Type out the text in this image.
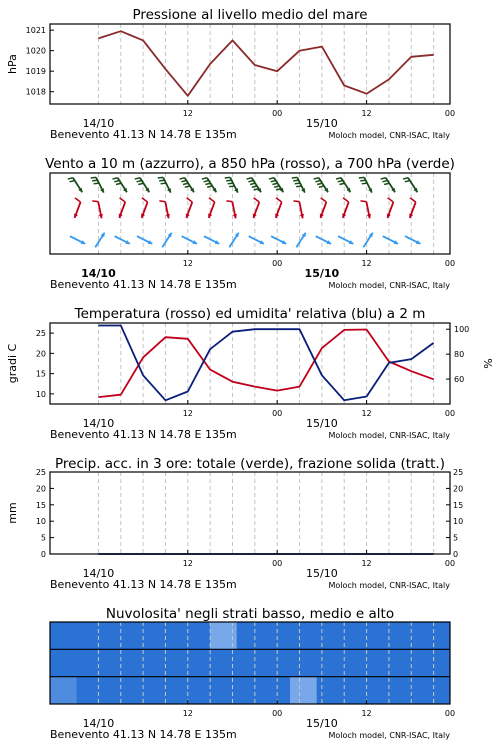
Pressione al livello medio del mare
1018
1019
1020
1021
hPa
12	00	12	00
14/10	15/10
Benevento 41.13 N 14.78 E 135m	Moloch model, CNR-ISAC, Italy
Vento a 10 m (azzurro), a 850 hPa (rosso), a 700 hPa (verde)
12	00	12	00
14/10	15/10
Benevento 41.13 N 14.78 E 135m	Moloch model, CNR-ISAC, Italy
Temperatura (rosso) ed umidita' relativa (blu) a 2 m
10
15
20
25
60
80
100
%
gradi C
12	00	12	00
14/10	15/10
Benevento 41.13 N 14.78 E 135m	Moloch model, CNR-ISAC, Italy
Precip. acc. in 3 ore: totale (verde), frazione solida (tratt.)
0
5
10
15
20
25
0
5
10
15
20
25
mm
12	00	12	00
14/10	15/10
Benevento 41.13 N 14.78 E 135m	Moloch model, CNR-ISAC, Italy
Nuvolosita' negli strati basso, medio e alto
12	00	12	00
14/10	15/10
Benevento 41.13 N 14.78 E 135m	Moloch model, CNR-ISAC, Italy
